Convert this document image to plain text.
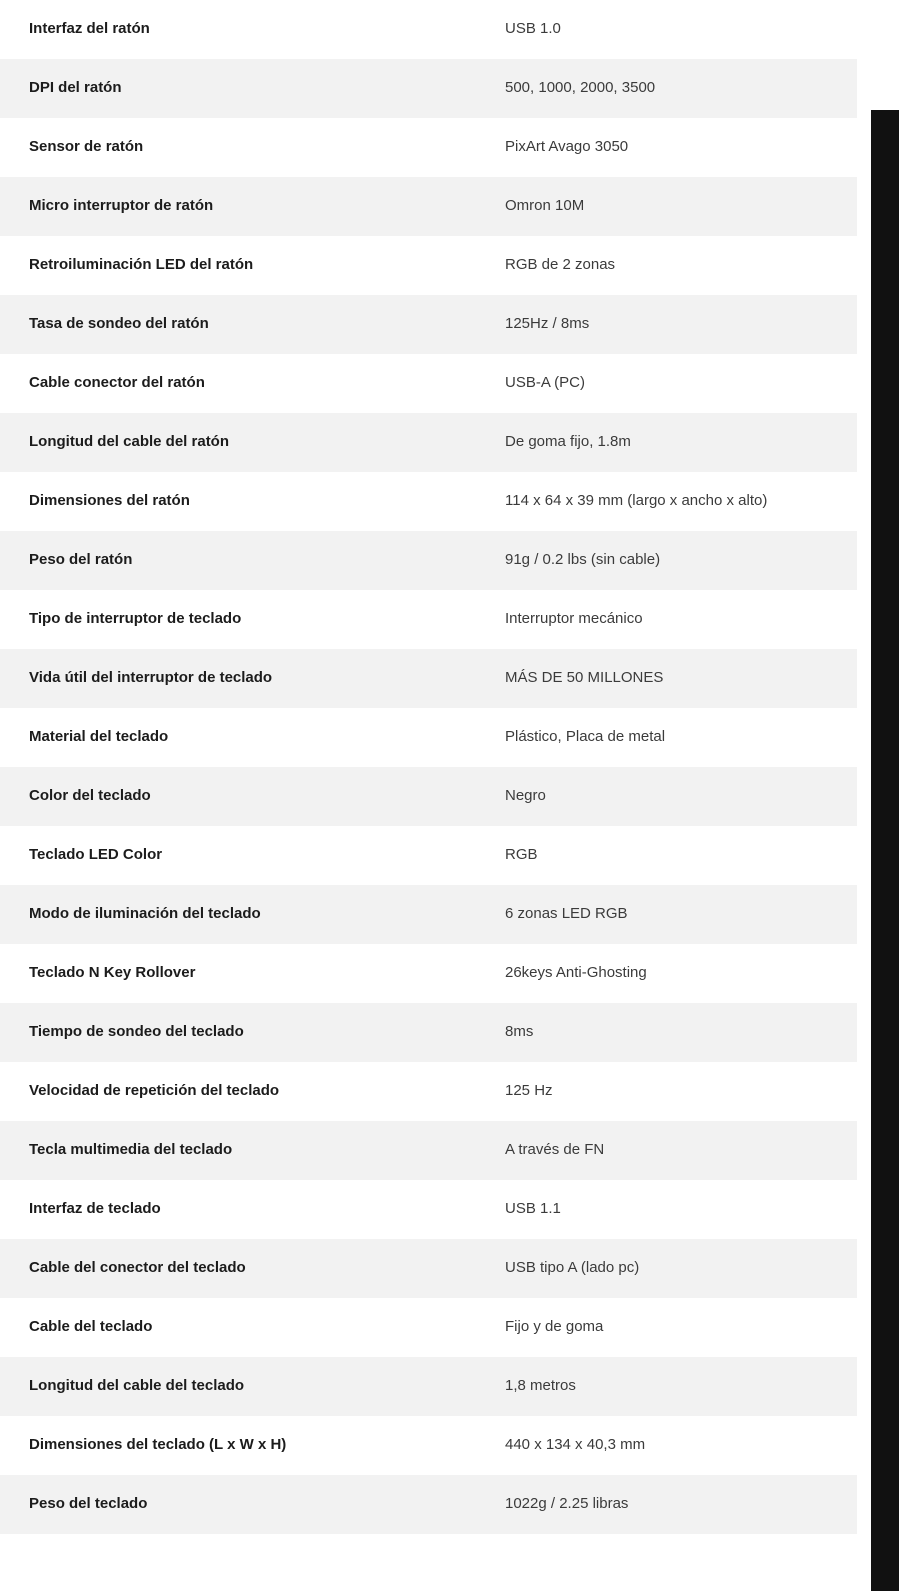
Interfaz del ratón	USB 1.0
DPI del ratón	500, 1000, 2000, 3500
Sensor de ratón	PixArt Avago 3050
Micro interruptor de ratón	Omron 10M
Retroiluminación LED del ratón	RGB de 2 zonas
Tasa de sondeo del ratón	125Hz / 8ms
Cable conector del ratón	USB-A (PC)
Longitud del cable del ratón	De goma fijo, 1.8m
Dimensiones del ratón	114 x 64 x 39 mm (largo x ancho x alto)
Peso del ratón	91g / 0.2 lbs (sin cable)
Tipo de interruptor de teclado	Interruptor mecánico
Vida útil del interruptor de teclado	MÁS DE 50 MILLONES
Material del teclado	Plástico, Placa de metal
Color del teclado	Negro
Teclado LED Color	RGB
Modo de iluminación del teclado	6 zonas LED RGB
Teclado N Key Rollover	26keys Anti-Ghosting
Tiempo de sondeo del teclado	8ms
Velocidad de repetición del teclado	125 Hz
Tecla multimedia del teclado	A través de FN
Interfaz de teclado	USB 1.1
Cable del conector del teclado	USB tipo A (lado pc)
Cable del teclado	Fijo y de goma
Longitud del cable del teclado	1,8 metros
Dimensiones del teclado (L x W x H)	440 x 134 x 40,3 mm
Peso del teclado	1022g / 2.25 libras
